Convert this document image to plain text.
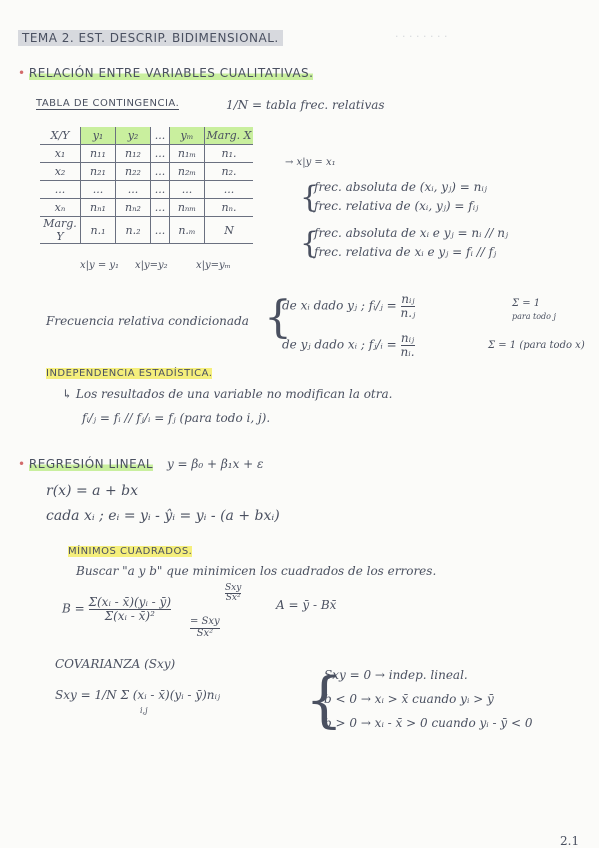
· · · · · · · ·
TEMA 2. EST. DESCRIP. BIDIMENSIONAL.
2.1
• RELACIÓN ENTRE VARIABLES CUALITATIVAS.
TABLA DE CONTINGENCIA.	1/N = tabla frec. relativas
X/Y	y₁	y₂	...	yₘ	Marg. X
x₁	n₁₁	n₁₂	...	n₁ₘ	n₁.
x₂	n₂₁	n₂₂	...	n₂ₘ	n₂.
...	...	...	...	...	...
xₙ	nₙ₁	nₙ₂	...	nₙₘ	nₙ.
Marg. Y	n.₁	n.₂	...	n.ₘ	N
→ x|y = x₁
x|y = y₁ x|y=y₂	x|y=yₘ
{
frec. absoluta de (xᵢ, yⱼ) = nᵢⱼ
frec. relativa de (xᵢ, yⱼ) = fᵢⱼ
{
frec. absoluta de xᵢ e yⱼ = nᵢ // nⱼ
frec. relativa de xᵢ e yⱼ = fᵢ // fⱼ
Frecuencia relativa condicionada {
de xᵢ dado yⱼ ; fᵢ/ⱼ = $\frac{\text{nᵢⱼ}}{\text{n.ⱼ}}$	Σ = 1
para todo j
de yⱼ dado xᵢ ; fⱼ/ᵢ = $\frac{\text{nᵢⱼ}}{\text{nᵢ.}}$	Σ = 1 (para todo x)
INDEPENDENCIA ESTADÍSTICA.
↳ Los resultados de una variable no modifican la otra.
fᵢ/ⱼ = fᵢ // fⱼ/ᵢ = fⱼ (para todo i, j).
• REGRESIÓN LINEAL y = β₀ + β₁x + ε
r(x) = a + bx
cada xᵢ ; eᵢ = yᵢ - ŷᵢ = yᵢ - (a + bxᵢ)
MÍNIMOS CUADRADOS.
Buscar "a y b" que minimicen los cuadrados de los errores.
$B = \frac{\text{Σ(xᵢ - x̄)(yᵢ - ȳ)}}{\text{Σ(xᵢ - x̄)²}}$
$\frac{\text{Sxy}}{\text{Sx²}}$
$\frac{\text{= Sxy}}{\text{Sx²}}$
A = ȳ - Bx̄
COVARIANZA (Sxy)
Sxy = 1/N Σ (xᵢ - x̄)(yᵢ - ȳ)nᵢⱼ
i,j	{
Sxy = 0 → indep. lineal.
b < 0 → xᵢ > x̄ cuando yᵢ > ȳ
b > 0 → xᵢ - x̄ > 0 cuando yᵢ - ȳ < 0
